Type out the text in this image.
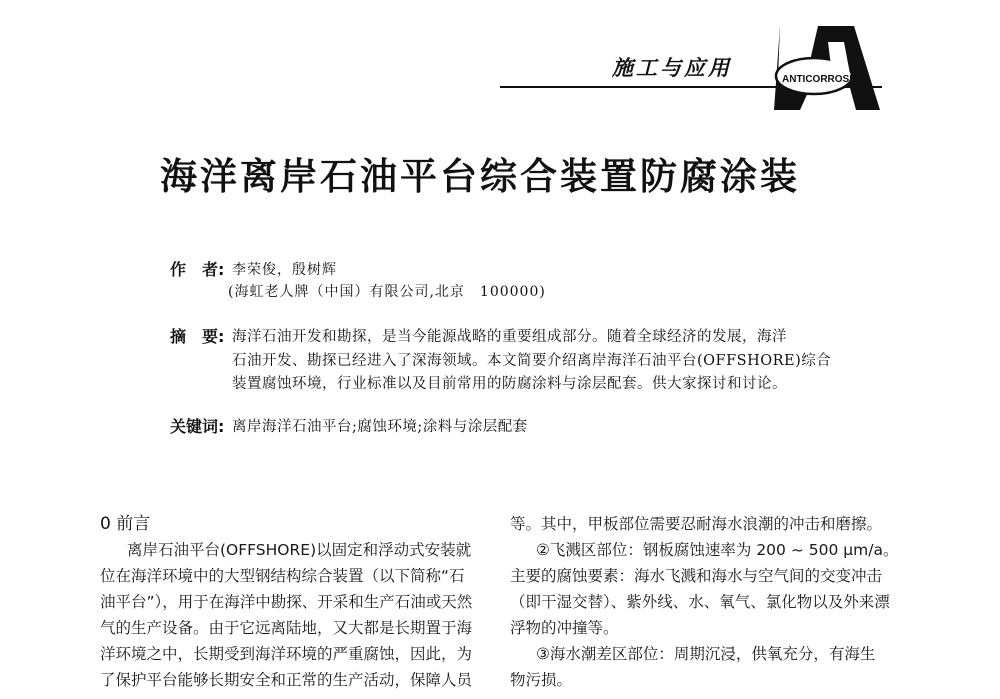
施工与应用	ANTICORROSION
海洋离岸石油平台综合装置防腐涂装
作　者: 李荣俊，殷树辉
(海虹老人牌（中国）有限公司,北京　100000)
摘　要: 海洋石油开发和勘探，是当今能源战略的重要组成部分。随着全球经济的发展，海洋
石油开发、勘探已经进入了深海领域。本文简要介绍离岸海洋石油平台(OFFSHORE)综合
装置腐蚀环境，行业标准以及目前常用的防腐涂料与涂层配套。供大家探讨和讨论。
关键词: 离岸海洋石油平台;腐蚀环境;涂料与涂层配套
0 前言
离岸石油平台(OFFSHORE)以固定和浮动式安装就
位在海洋环境中的大型钢结构综合装置（以下简称“石
油平台”），用于在海洋中勘探、开采和生产石油或天然
气的生产设备。由于它远离陆地，又大都是长期置于海
洋环境之中，长期受到海洋环境的严重腐蚀，因此，为
了保护平台能够长期安全和正常的生产活动，保障人员
等。其中，甲板部位需要忍耐海水浪潮的冲击和磨擦。
②飞溅区部位：钢板腐蚀速率为 200 ~ 500 μm/a。
主要的腐蚀要素：海水飞溅和海水与空气间的交变冲击
（即干湿交替）、紫外线、水、氧气、氯化物以及外来漂
浮物的冲撞等。
③海水潮差区部位：周期沉浸，供氧充分，有海生
物污损。
